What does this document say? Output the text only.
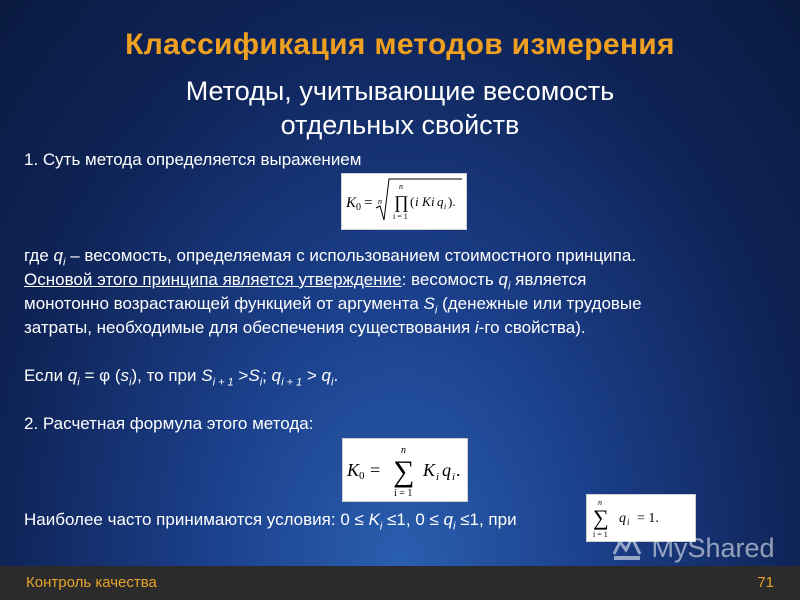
Классификация методов измерения
Методы, учитывающие весомость
отдельных свойств
1. Суть метода определяется выражением
K 0 = n ∏
n
i = 1
( i K i q i ).
где $q_i$ – весомость, определяемая с использованием стоимостного принципа.
Основой этого принципа является утверждение: весомость $q_i$ является
монотонно возрастающей функцией от аргумента $S_i$ (денежные или трудовые
затраты, необходимые для обеспечения существования i-го свойства).
Если $q_i = \varphi$ $(s_i)$, то при $S_{i + 1} >S_i$; $q_{i + 1} > q_i$.
2. Расчетная формула этого метода:
K 0 = ∑
n
i = 1
K i q i .
Наиболее часто принимаются условия: $0 \le K_i \le 1$, $0 \le q_i \le 1$, при	∑
n
i = 1
q i = 1.
MyShared
Контроль качества	71
